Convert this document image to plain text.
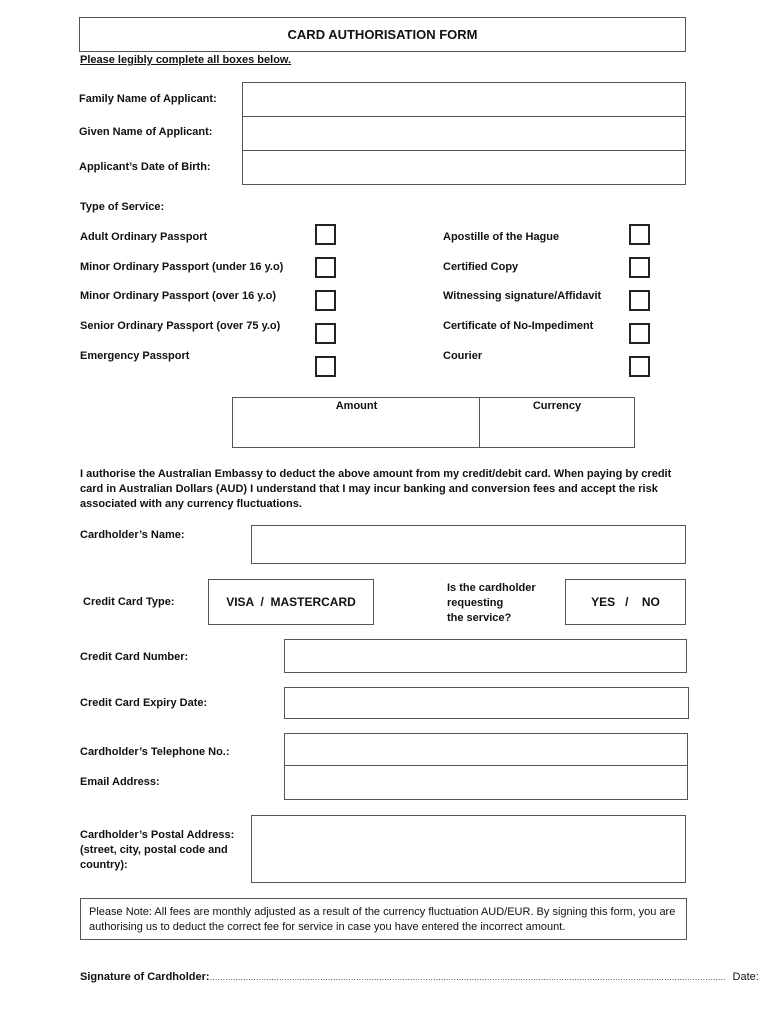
CARD AUTHORISATION FORM
Please legibly complete all boxes below.
Family Name of Applicant:
Given Name of Applicant:
Applicant’s Date of Birth:
Type of Service:
Adult Ordinary Passport
Minor Ordinary Passport (under 16 y.o)
Minor Ordinary Passport (over 16 y.o)
Senior Ordinary Passport (over 75 y.o)
Emergency Passport
Apostille of the Hague
Certified Copy
Witnessing signature/Affidavit
Certificate of No-Impediment
Courier
Amount	Currency
I authorise the Australian Embassy to deduct the above amount from my credit/debit card. When paying by credit card in Australian Dollars (AUD) I understand that I may incur banking and conversion fees and accept the risk associated with any currency fluctuations.
Cardholder’s Name:
Credit Card Type:	VISA  /  MASTERCARD
Is the cardholder
requesting
the service?
YES   /    NO
Credit Card Number:
Credit Card Expiry Date:
Cardholder’s Telephone No.:
Email Address:
Cardholder’s Postal Address:
(street, city, postal code and
country):
Please Note: All fees are monthly adjusted as a result of the currency fluctuation AUD/EUR. By signing this form, you are authorising us to deduct the correct fee for service in case you have entered the incorrect amount.
Signature of Cardholder:………………………………………………………………………………………………………………………………………………………………………………… Date:
